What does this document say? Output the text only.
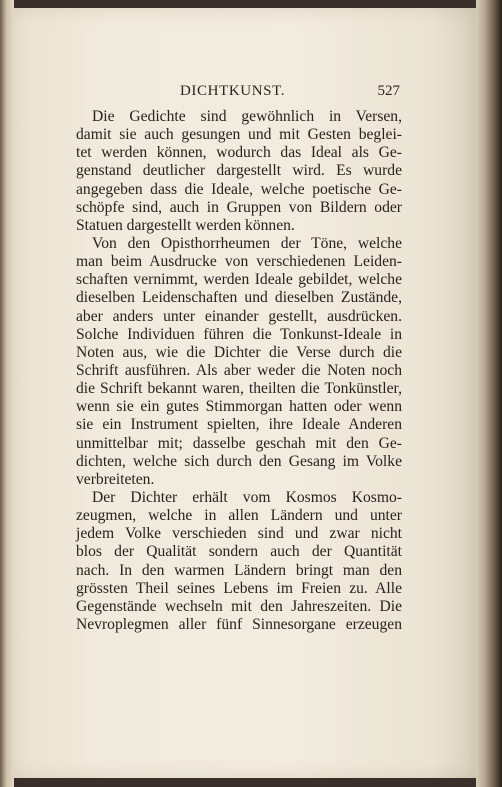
DICHTKUNST.	527
Die Gedichte sind gewöhnlich in Versen,
damit sie auch gesungen und mit Gesten beglei-
tet werden können, wodurch das Ideal als Ge-
genstand deutlicher dargestellt wird. Es wurde
angegeben dass die Ideale, welche poetische Ge-
schöpfe sind, auch in Gruppen von Bildern oder
Statuen dargestellt werden können.
Von den Opisthorrheumen der Töne, welche
man beim Ausdrucke von verschiedenen Leiden-
schaften vernimmt, werden Ideale gebildet, welche
dieselben Leidenschaften und dieselben Zustände,
aber anders unter einander gestellt, ausdrücken.
Solche Individuen führen die Tonkunst-Ideale in
Noten aus, wie die Dichter die Verse durch die
Schrift ausführen. Als aber weder die Noten noch
die Schrift bekannt waren, theilten die Tonkünstler,
wenn sie ein gutes Stimmorgan hatten oder wenn
sie ein Instrument spielten, ihre Ideale Anderen
unmittelbar mit; dasselbe geschah mit den Ge-
dichten, welche sich durch den Gesang im Volke
verbreiteten.
Der Dichter erhält vom Kosmos Kosmo-
zeugmen, welche in allen Ländern und unter
jedem Volke verschieden sind und zwar nicht
blos der Qualität sondern auch der Quantität
nach. In den warmen Ländern bringt man den
grössten Theil seines Lebens im Freien zu. Alle
Gegenstände wechseln mit den Jahreszeiten. Die
Nevroplegmen aller fünf Sinnesorgane erzeugen
